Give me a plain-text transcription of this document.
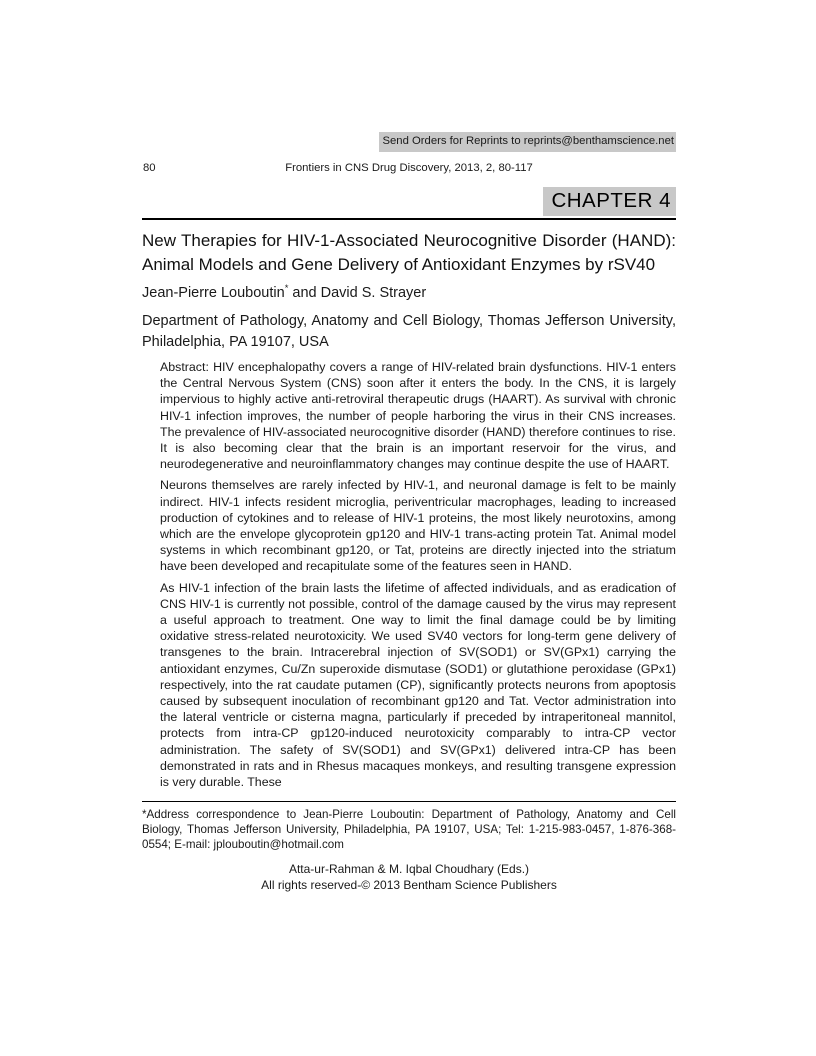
Send Orders for Reprints to reprints@benthamscience.net
80	Frontiers in CNS Drug Discovery, 2013, 2, 80-117
CHAPTER 4
New Therapies for HIV-1-Associated Neurocognitive Disorder (HAND): Animal Models and Gene Delivery of Antioxidant Enzymes by rSV40
Jean-Pierre Louboutin* and David S. Strayer
Department of Pathology, Anatomy and Cell Biology, Thomas Jefferson University, Philadelphia, PA 19107, USA

Abstract: HIV encephalopathy covers a range of HIV-related brain dysfunctions. HIV-1 enters the Central Nervous System (CNS) soon after it enters the body. In the CNS, it is largely impervious to highly active anti-retroviral therapeutic drugs (HAART). As survival with chronic HIV-1 infection improves, the number of people harboring the virus in their CNS increases. The prevalence of HIV-associated neurocognitive disorder (HAND) therefore continues to rise. It is also becoming clear that the brain is an important reservoir for the virus, and neurodegenerative and neuroinflammatory changes may continue despite the use of HAART.

Neurons themselves are rarely infected by HIV-1, and neuronal damage is felt to be mainly indirect. HIV-1 infects resident microglia, periventricular macrophages, leading to increased production of cytokines and to release of HIV-1 proteins, the most likely neurotoxins, among which are the envelope glycoprotein gp120 and HIV-1 trans-acting protein Tat. Animal model systems in which recombinant gp120, or Tat, proteins are directly injected into the striatum have been developed and recapitulate some of the features seen in HAND.

As HIV-1 infection of the brain lasts the lifetime of affected individuals, and as eradication of CNS HIV-1 is currently not possible, control of the damage caused by the virus may represent a useful approach to treatment. One way to limit the final damage could be by limiting oxidative stress-related neurotoxicity. We used SV40 vectors for long-term gene delivery of transgenes to the brain. Intracerebral injection of SV(SOD1) or SV(GPx1) carrying the antioxidant enzymes, Cu/Zn superoxide dismutase (SOD1) or glutathione peroxidase (GPx1) respectively, into the rat caudate putamen (CP), significantly protects neurons from apoptosis caused by subsequent inoculation of recombinant gp120 and Tat. Vector administration into the lateral ventricle or cisterna magna, particularly if preceded by intraperitoneal mannitol, protects from intra-CP gp120-induced neurotoxicity comparably to intra-CP vector administration. The safety of SV(SOD1) and SV(GPx1) delivered intra-CP has been demonstrated in rats and in Rhesus macaques monkeys, and resulting transgene expression is very durable. These

*Address correspondence to Jean-Pierre Louboutin: Department of Pathology, Anatomy and Cell Biology, Thomas Jefferson University, Philadelphia, PA 19107, USA; Tel: 1-215-983-0457, 1-876-368-0554; E-mail: jplouboutin@hotmail.com
Atta-ur-Rahman & M. Iqbal Choudhary (Eds.)
All rights reserved-© 2013 Bentham Science Publishers
